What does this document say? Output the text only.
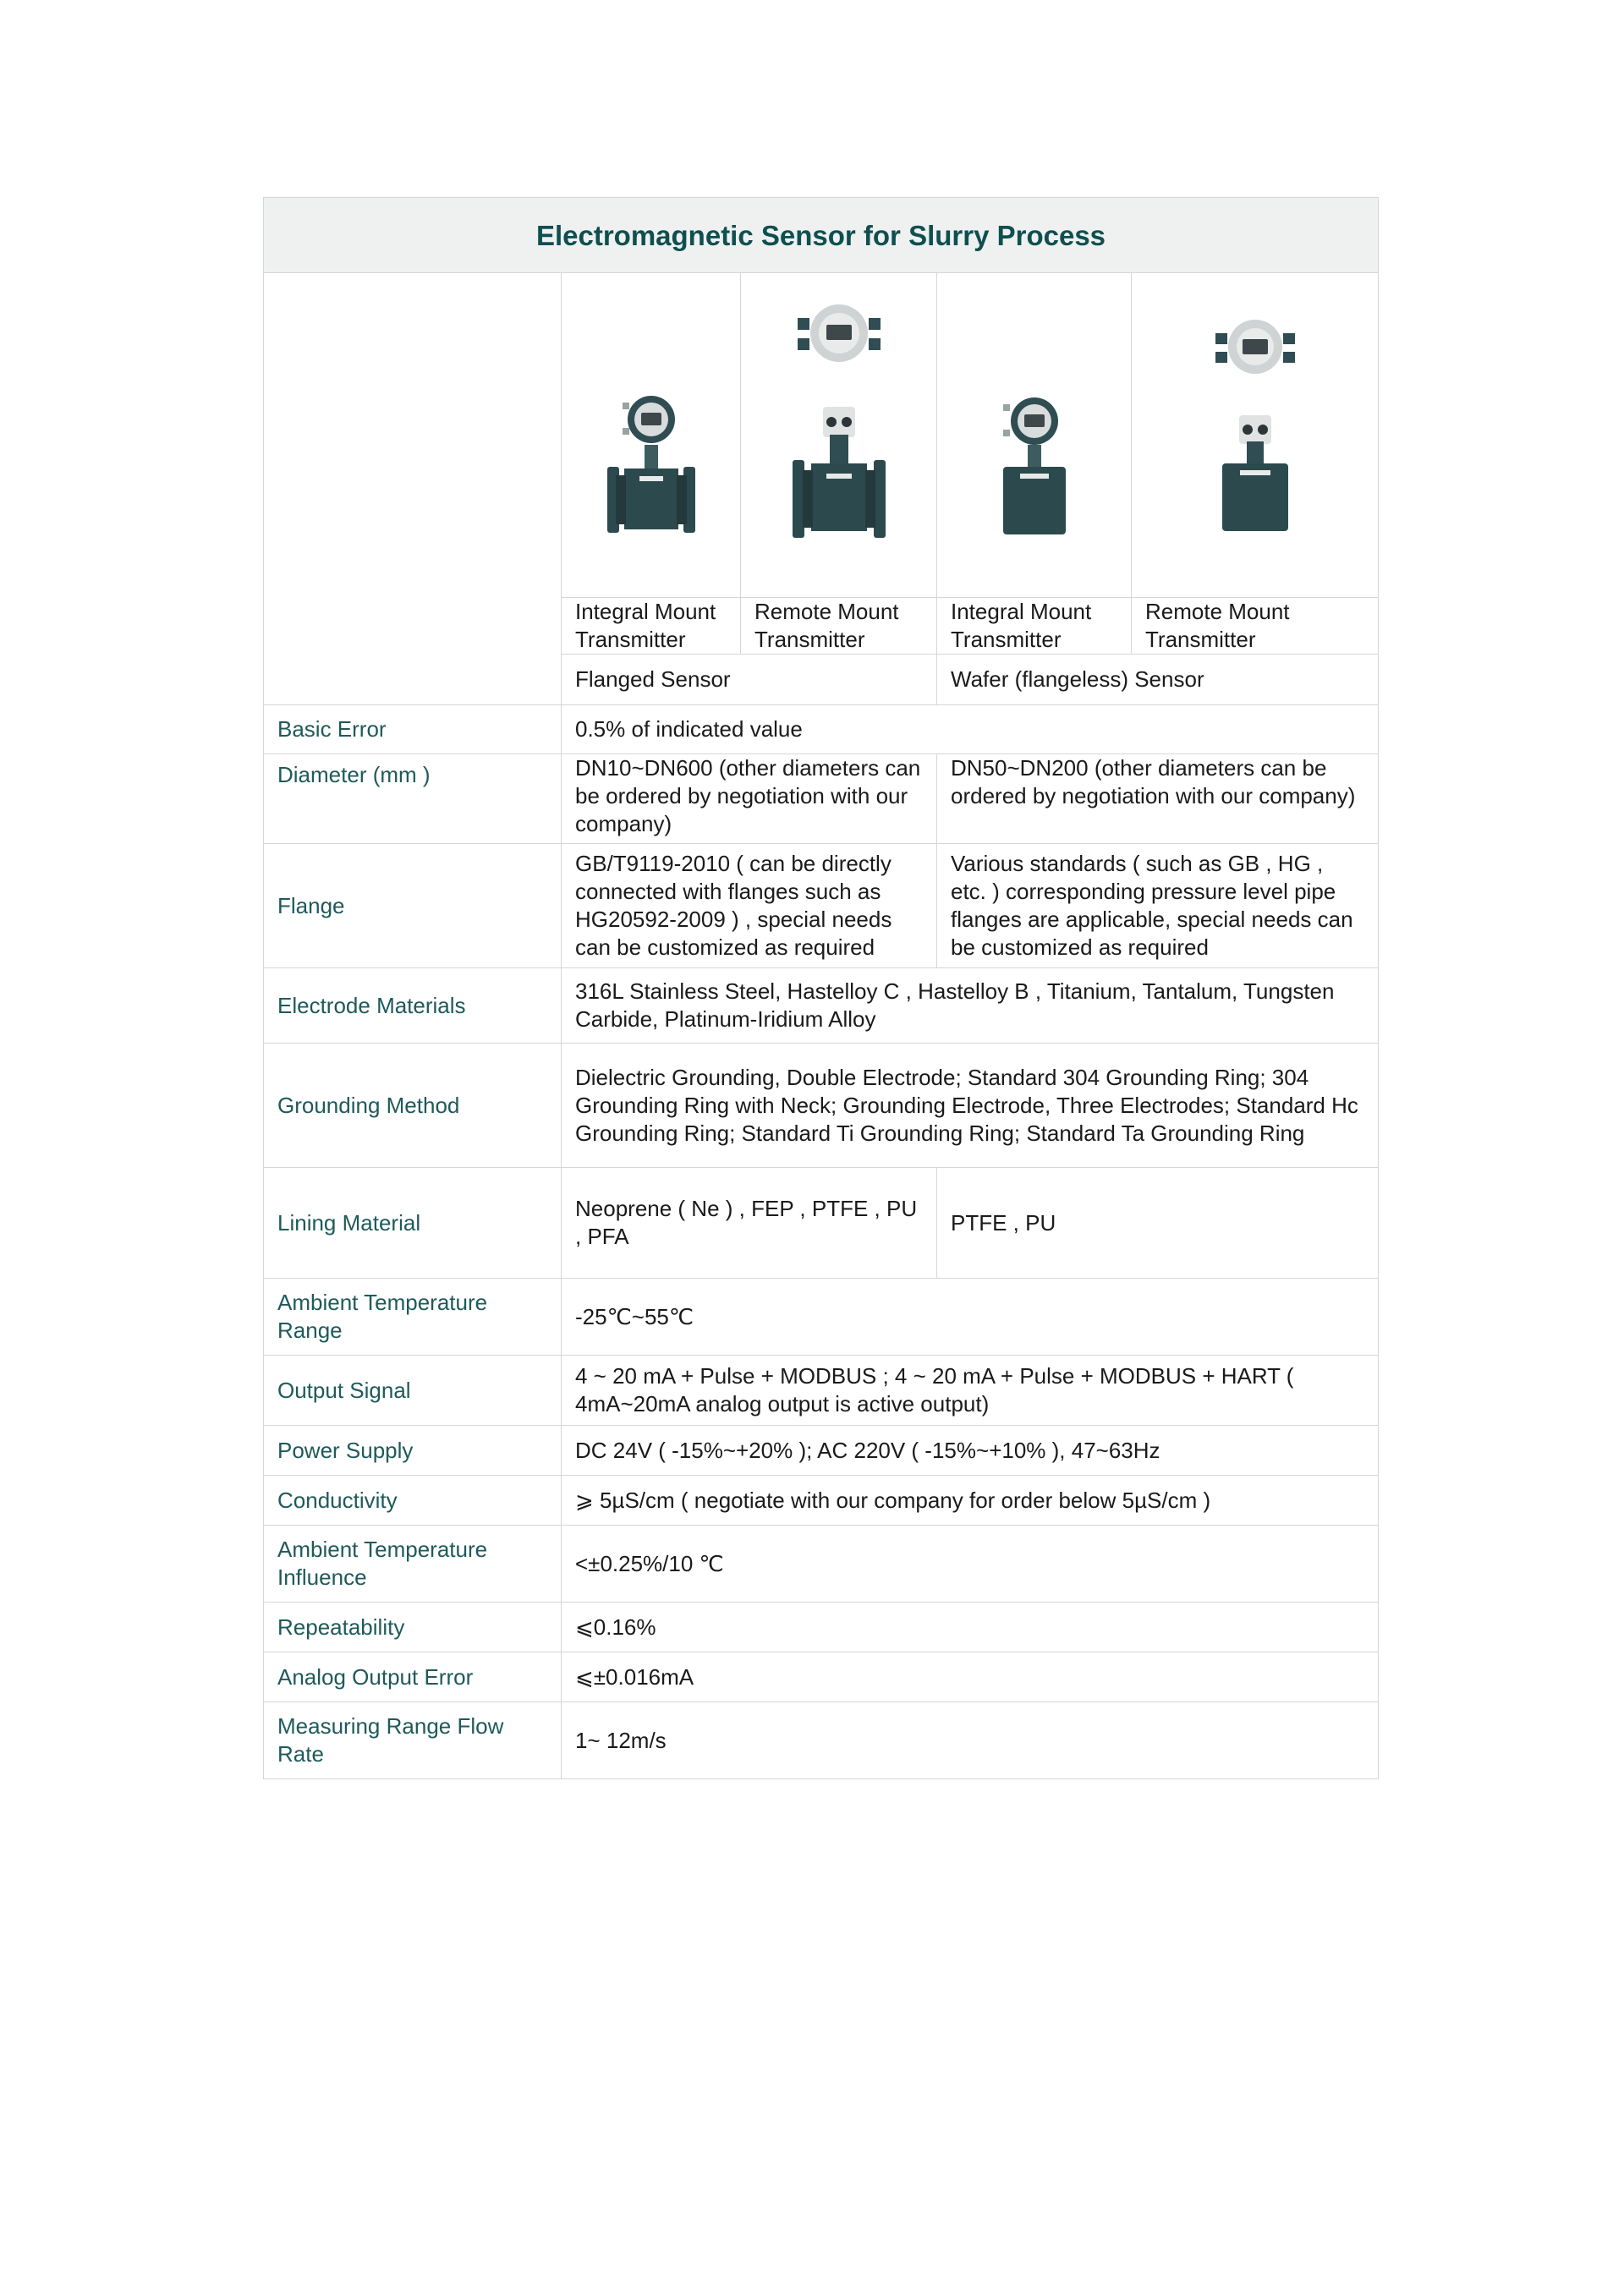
Electromagnetic Sensor for Slurry Process				

	Integral Mount Transmitter	Remote Mount Transmitter	Integral Mount Transmitter	Remote Mount Transmitter
	Flanged Sensor		Wafer (flangeless) Sensor	
Basic Error	0.5% of indicated value			
Diameter (mm )	DN10~DN600 (other diameters can be ordered by negotiation with our company)		DN50~DN200 (other diameters can be ordered by negotiation with our company)	
Flange	GB/T9119-2010 ( can be directly connected with flanges such as HG20592-2009 ) , special needs can be customized as required		Various standards ( such as GB , HG , etc. ) corresponding pressure level pipe flanges are applicable, special needs can be customized as required	
Electrode Materials	316L Stainless Steel, Hastelloy C , Hastelloy B , Titanium, Tantalum, Tungsten Carbide, Platinum-Iridium Alloy			
Grounding Method	Dielectric Grounding, Double Electrode; Standard 304 Grounding Ring; 304 Grounding Ring with Neck; Grounding Electrode, Three Electrodes; Standard Hc Grounding Ring; Standard Ti Grounding Ring; Standard Ta Grounding Ring			
Lining Material	Neoprene ( Ne ) , FEP , PTFE , PU , PFA		PTFE , PU	
Ambient Temperature Range	-25℃~55℃			
Output Signal	4 ~ 20 mA + Pulse + MODBUS ; 4 ~ 20 mA + Pulse + MODBUS + HART ( 4mA~20mA analog output is active output)			
Power Supply	DC 24V ( -15%~+20% ); AC 220V ( -15%~+10% ), 47~63Hz			
Conductivity	⩾ 5µS/cm ( negotiate with our company for order below 5µS/cm )			
Ambient Temperature Influence	<±0.25%/10 ℃			
Repeatability	⩽0.16%			
Analog Output Error	⩽±0.016mA			
Measuring Range Flow Rate	1~ 12m/s			
